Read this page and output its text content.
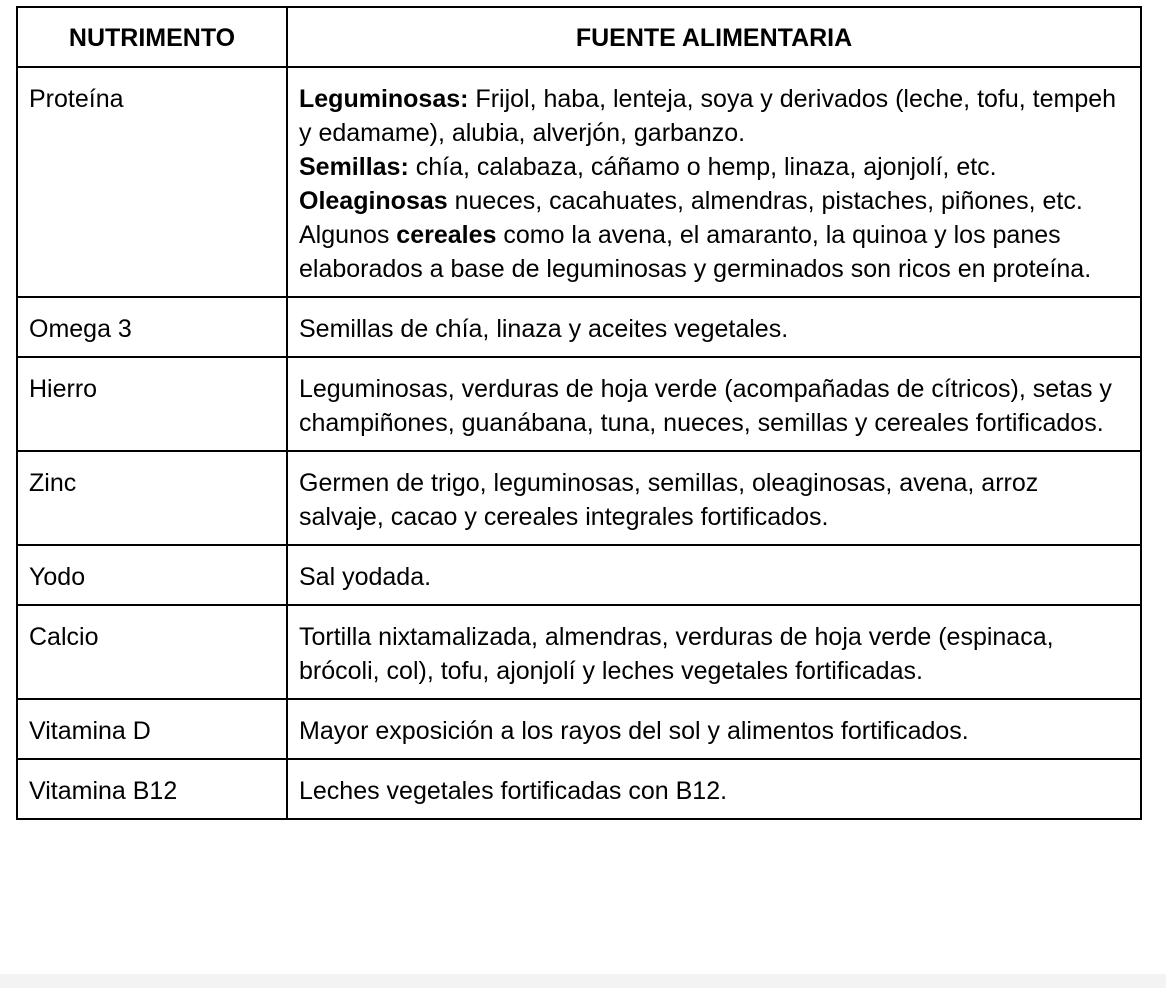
NUTRIMENTO	FUENTE ALIMENTARIA
Proteína	Leguminosas: Frijol, haba, lenteja, soya y derivados (leche, tofu, tempeh y edamame), alubia, alverjón, garbanzo.
Semillas: chía, calabaza, cáñamo o hemp, linaza, ajonjolí, etc.
Oleaginosas nueces, cacahuates, almendras, pistaches, piñones, etc.
Algunos cereales como la avena, el amaranto, la quinoa y los panes elaborados a base de leguminosas y germinados son ricos en proteína.

Omega 3	Semillas de chía, linaza y aceites vegetales.
Hierro	Leguminosas, verduras de hoja verde (acompañadas de cítricos), setas y champiñones, guanábana, tuna, nueces, semillas y cereales fortificados.
Zinc	Germen de trigo, leguminosas, semillas, oleaginosas, avena, arroz salvaje, cacao y cereales integrales fortificados.
Yodo	Sal yodada.
Calcio	Tortilla nixtamalizada, almendras, verduras de hoja verde (espinaca, brócoli, col), tofu, ajonjolí y leches vegetales fortificadas.
Vitamina D	Mayor exposición a los rayos del sol y alimentos fortificados.
Vitamina B12	Leches vegetales fortificadas con B12.
